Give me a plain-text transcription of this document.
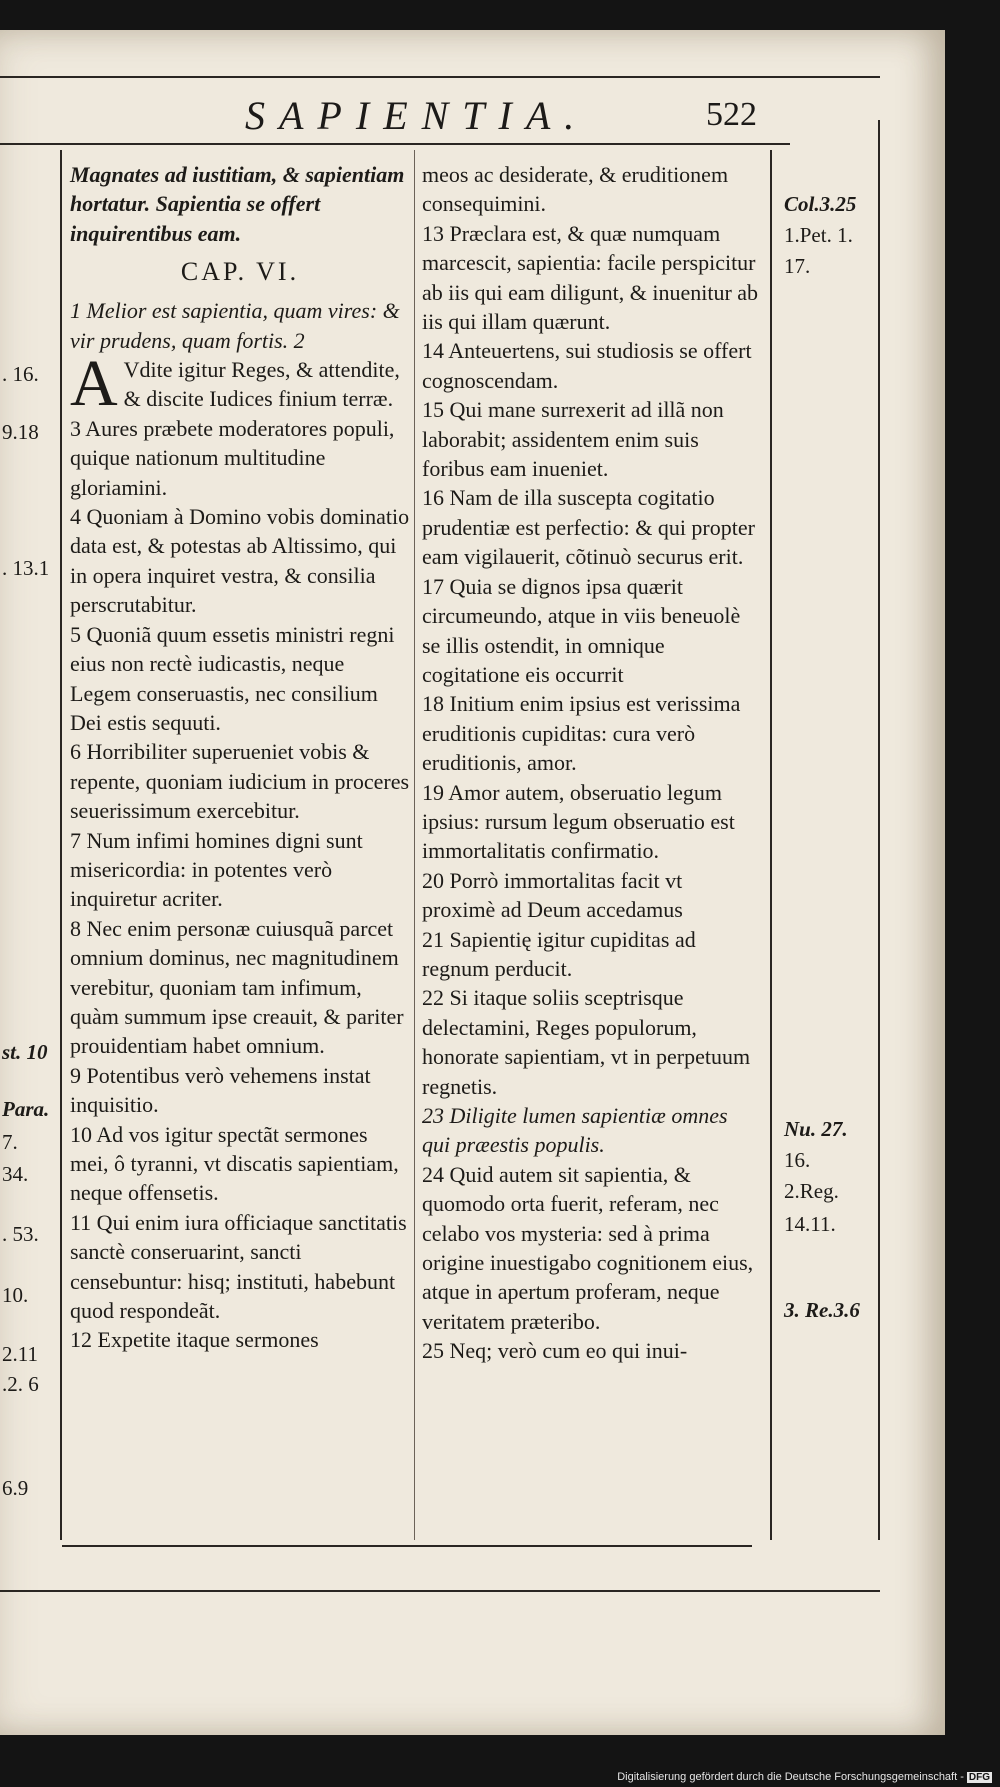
SAPIENTIA.	522

Magnates ad iustitiam, & sapientiam hortatur. Sapientia se offert inquirentibus eam.

CAP. VI.

1 Melior est sapientia, quam vires: & vir prudens, quam fortis. 2

A Vdite igitur Reges, & attendite, & discite Iudices finium terræ.

3 Aures præbete moderatores populi, quique nationum multitudine gloriamini.

4 Quoniam à Domino vobis dominatio data est, & potestas ab Altissimo, qui in opera inquiret vestra, & consilia perscrutabitur.

5 Quoniã quum essetis ministri regni eius non rectè iudicastis, neque Legem conseruastis, nec consilium Dei estis sequuti.

6 Horribiliter superueniet vobis & repente, quoniam iudicium in proceres seuerissimum exercebitur.

7 Num infimi homines digni sunt misericordia: in potentes verò inquiretur acriter.

8 Nec enim personæ cuiusquã parcet omnium dominus, nec magnitudinem verebitur, quoniam tam infimum, quàm summum ipse creauit, & pariter prouidentiam habet omnium.

9 Potentibus verò vehemens instat inquisitio.

10 Ad vos igitur spectãt sermones mei, ô tyranni, vt discatis sapientiam, neque offensetis.

11 Qui enim iura officiaque sanctitatis sanctè conseruarint, sancti censebuntur: hisq; instituti, habebunt quod respondeãt.

12 Expetite itaque sermones

meos ac desiderate, & eruditionem consequimini.

13 Præclara est, & quæ numquam marcescit, sapientia: facile perspicitur ab iis qui eam diligunt, & inuenitur ab iis qui illam quærunt.

14 Anteuertens, sui studiosis se offert cognoscendam.

15 Qui mane surrexerit ad illã non laborabit; assidentem enim suis foribus eam inueniet.

16 Nam de illa suscepta cogitatio prudentiæ est perfectio: & qui propter eam vigilauerit, cõtinuò securus erit.

17 Quia se dignos ipsa quærit circumeundo, atque in viis beneuolè se illis ostendit, in omnique cogitatione eis occurrit

18 Initium enim ipsius est verissima eruditionis cupiditas: cura verò eruditionis, amor.

19 Amor autem, obseruatio legum ipsius: rursum legum obseruatio est immortalitatis confirmatio.

20 Porrò immortalitas facit vt proximè ad Deum accedamus

21 Sapientię igitur cupiditas ad regnum perducit.

22 Si itaque soliis sceptrisque delectamini, Reges populorum, honorate sapientiam, vt in perpetuum regnetis.

23 Diligite lumen sapientiæ omnes qui præestis populis.

24 Quid autem sit sapientia, & quomodo orta fuerit, referam, nec celabo vos mysteria: sed à prima origine inuestigabo cognitionem eius, atque in apertum proferam, neque veritatem præteribo.

25 Neq; verò cum eo qui inui-

. 16.
9.18
. 13.1
st. 10
Para.
7.
34.
. 53.
10.
2.11
.2. 6
6.9
Col.3.25
1.Pet. 1.
17.
Nu. 27.
16.
2.Reg.
14.11.
3. Re.3.6
Digitalisierung gefördert durch die Deutsche Forschungsgemeinschaft - DFG
